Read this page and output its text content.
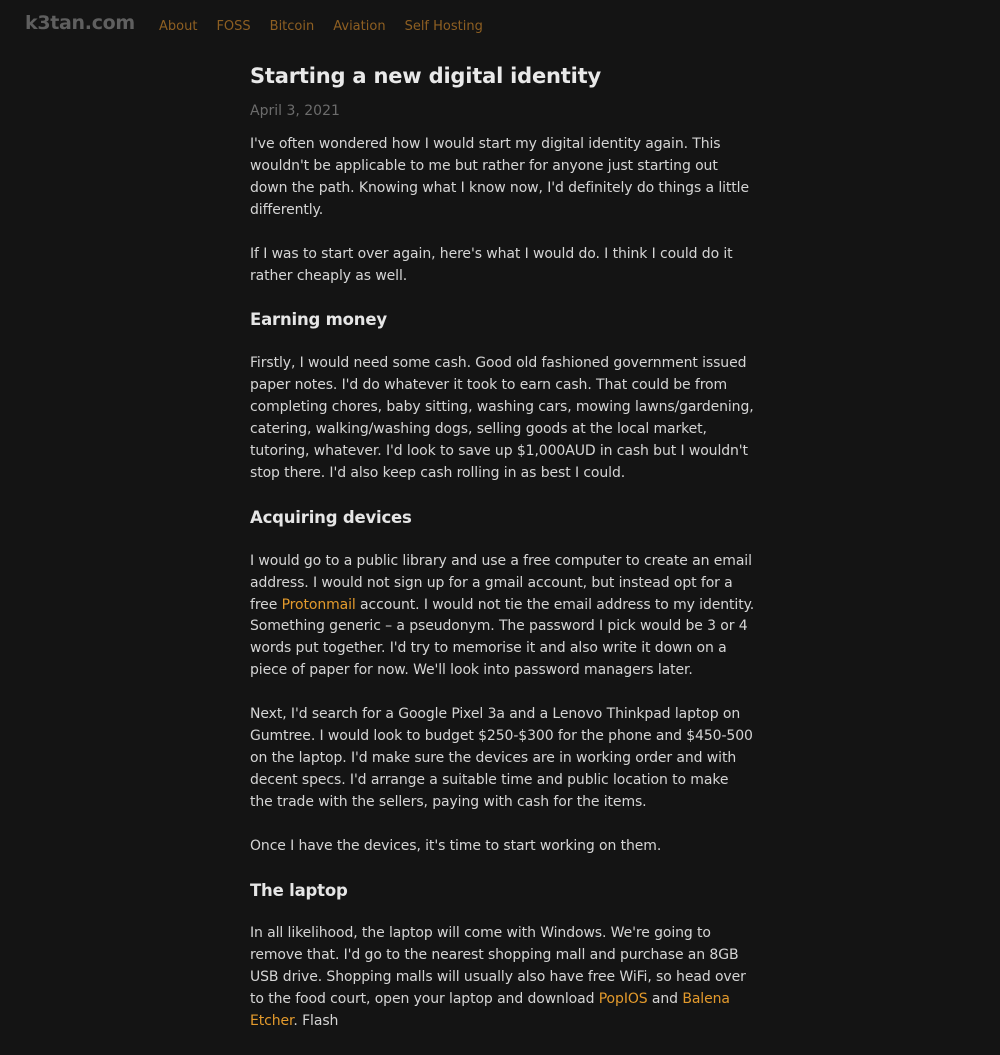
k3tan.com About FOSS Bitcoin Aviation Self Hosting
Starting a new digital identity
April 3, 2021

I've often wondered how I would start my digital identity again. This wouldn't be applicable to me but rather for anyone just starting out down the path. Knowing what I know now, I'd definitely do things a little differently.

If I was to start over again, here's what I would do. I think I could do it rather cheaply as well.

Earning money

Firstly, I would need some cash. Good old fashioned government issued paper notes. I'd do whatever it took to earn cash. That could be from completing chores, baby sitting, washing cars, mowing lawns/gardening, catering, walking/washing dogs, selling goods at the local market, tutoring, whatever. I'd look to save up $1,000AUD in cash but I wouldn't stop there. I'd also keep cash rolling in as best I could.

Acquiring devices

I would go to a public library and use a free computer to create an email address. I would not sign up for a gmail account, but instead opt for a free Protonmail account. I would not tie the email address to my identity. Something generic – a pseudonym. The password I pick would be 3 or 4 words put together. I'd try to memorise it and also write it down on a piece of paper for now. We'll look into password managers later.

Next, I'd search for a Google Pixel 3a and a Lenovo Thinkpad laptop on Gumtree. I would look to budget $250-$300 for the phone and $450-500 on the laptop. I'd make sure the devices are in working order and with decent specs. I'd arrange a suitable time and public location to make the trade with the sellers, paying with cash for the items.

Once I have the devices, it's time to start working on them.

The laptop

In all likelihood, the laptop will come with Windows. We're going to remove that. I'd go to the nearest shopping mall and purchase an 8GB USB drive. Shopping malls will usually also have free WiFi, so head over to the food court, open your laptop and download PopIOS and Balena Etcher. Flash
